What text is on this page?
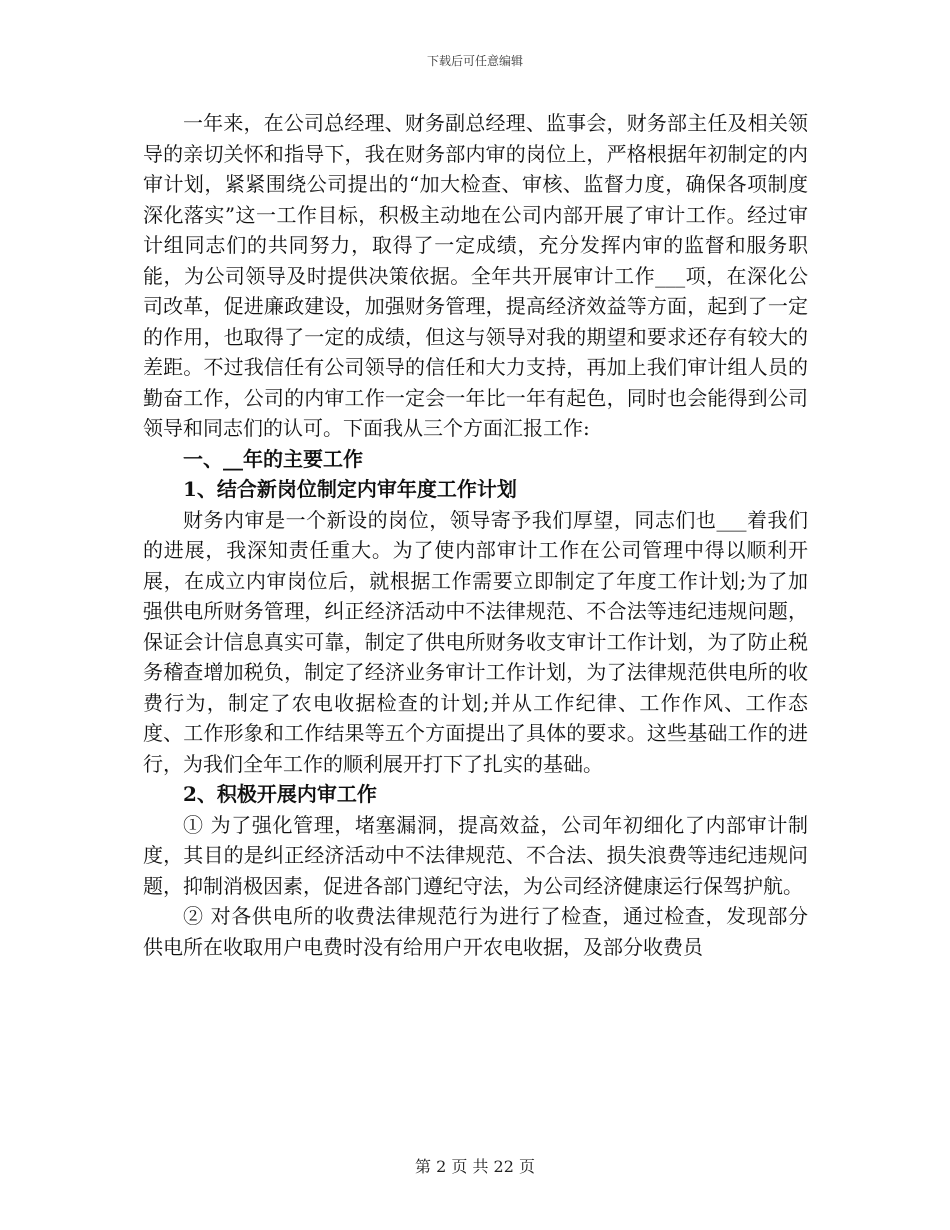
下载后可任意编辑

一年来，在公司总经理、财务副总经理、监事会，财务部主任及相关领导的亲切关怀和指导下，我在财务部内审的岗位上，严格根据年初制定的内审计划，紧紧围绕公司提出的“加大检查、审核、监督力度，确保各项制度深化落实”这一工作目标，积极主动地在公司内部开展了审计工作。经过审计组同志们的共同努力，取得了一定成绩，充分发挥内审的监督和服务职能，为公司领导及时提供决策依据。全年共开展审计工作___项，在深化公司改革，促进廉政建设，加强财务管理，提高经济效益等方面，起到了一定的作用，也取得了一定的成绩，但这与领导对我的期望和要求还存有较大的差距。不过我信任有公司领导的信任和大力支持，再加上我们审计组人员的勤奋工作，公司的内审工作一定会一年比一年有起色，同时也会能得到公司领导和同志们的认可。下面我从三个方面汇报工作:

一、__年的主要工作

1、结合新岗位制定内审年度工作计划

财务内审是一个新设的岗位，领导寄予我们厚望，同志们也___着我们的进展，我深知责任重大。为了使内部审计工作在公司管理中得以顺利开展，在成立内审岗位后，就根据工作需要立即制定了年度工作计划;为了加强供电所财务管理，纠正经济活动中不法律规范、不合法等违纪违规问题，保证会计信息真实可靠，制定了供电所财务收支审计工作计划，为了防止税务稽查增加税负，制定了经济业务审计工作计划，为了法律规范供电所的收费行为，制定了农电收据检查的计划;并从工作纪律、工作作风、工作态度、工作形象和工作结果等五个方面提出了具体的要求。这些基础工作的进行，为我们全年工作的顺利展开打下了扎实的基础。

2、积极开展内审工作

① 为了强化管理，堵塞漏洞，提高效益，公司年初细化了内部审计制度，其目的是纠正经济活动中不法律规范、不合法、损失浪费等违纪违规问题，抑制消极因素，促进各部门遵纪守法，为公司经济健康运行保驾护航。

② 对各供电所的收费法律规范行为进行了检查，通过检查，发现部分供电所在收取用户电费时没有给用户开农电收据，及部分收费员

第 2 页 共 22 页
